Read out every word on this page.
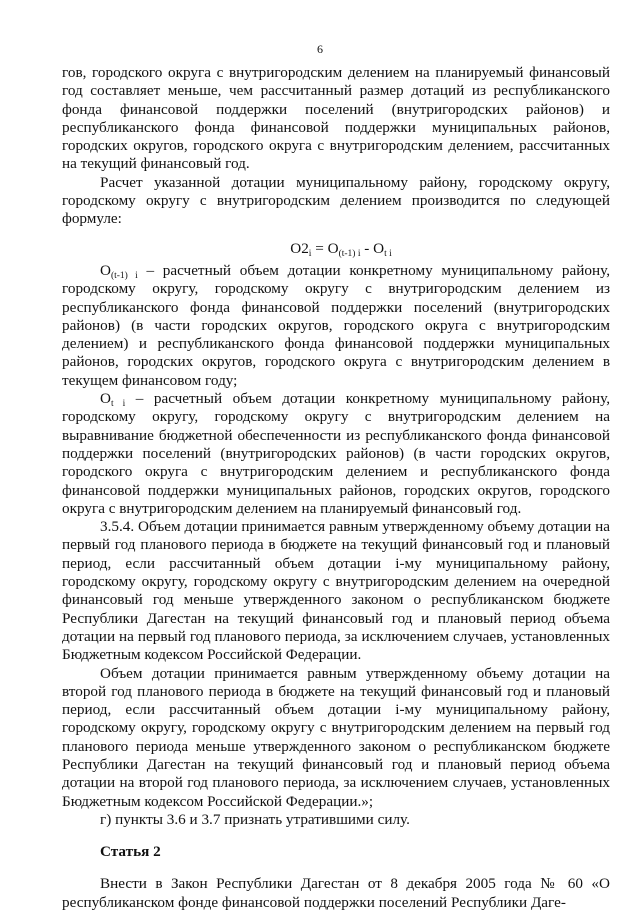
6

гов, городского округа с внутригородским делением на планируемый финансовый год составляет меньше, чем рассчитанный размер дотаций из республиканского фонда финансовой поддержки поселений (внутригородских районов) и республиканского фонда финансовой поддержки муниципальных районов, городских округов, городского округа с внутригородским делением, рассчитанных на текущий финансовый год.

Расчет указанной дотации муниципальному району, городскому округу, городскому округу с внутригородским делением производится по следующей формуле:

$O2_i = O_{(t-1) i} - O_{t i}$

$O_{(t-1) i}$ – расчетный объем дотации конкретному муниципальному району, городскому округу, городскому округу с внутригородским делением из республиканского фонда финансовой поддержки поселений (внутригородских районов) (в части городских округов, городского округа с внутригородским делением) и республиканского фонда финансовой поддержки муниципальных районов, городских округов, городского округа с внутригородским делением в текущем финансовом году;

$O_{t i}$ – расчетный объем дотации конкретному муниципальному району, городскому округу, городскому округу с внутригородским делением на выравнивание бюджетной обеспеченности из республиканского фонда финансовой поддержки поселений (внутригородских районов) (в части городских округов, городского округа с внутригородским делением и республиканского фонда финансовой поддержки муниципальных районов, городских округов, городского округа с внутригородским делением на планируемый финансовый год.

3.5.4. Объем дотации принимается равным утвержденному объему дотации на первый год планового периода в бюджете на текущий финансовый год и плановый период, если рассчитанный объем дотации i-му муниципальному району, городскому округу, городскому округу с внутригородским делением на очередной финансовый год меньше утвержденного законом о республиканском бюджете Республики Дагестан на текущий финансовый год и плановый период объема дотации на первый год планового периода, за исключением случаев, установленных Бюджетным кодексом Российской Федерации.

Объем дотации принимается равным утвержденному объему дотации на второй год планового периода в бюджете на текущий финансовый год и плановый период, если рассчитанный объем дотации i-му муниципальному району, городскому округу, городскому округу с внутригородским делением на первый год планового периода меньше утвержденного законом о республиканском бюджете Республики Дагестан на текущий финансовый год и плановый период объема дотации на второй год планового периода, за исключением случаев, установленных Бюджетным кодексом Российской Федерации.»;

г) пункты 3.6 и 3.7 признать утратившими силу.

Статья 2

Внести в Закон Республики Дагестан от 8 декабря 2005 года № 60 «О республиканском фонде финансовой поддержки поселений Республики Даге-
